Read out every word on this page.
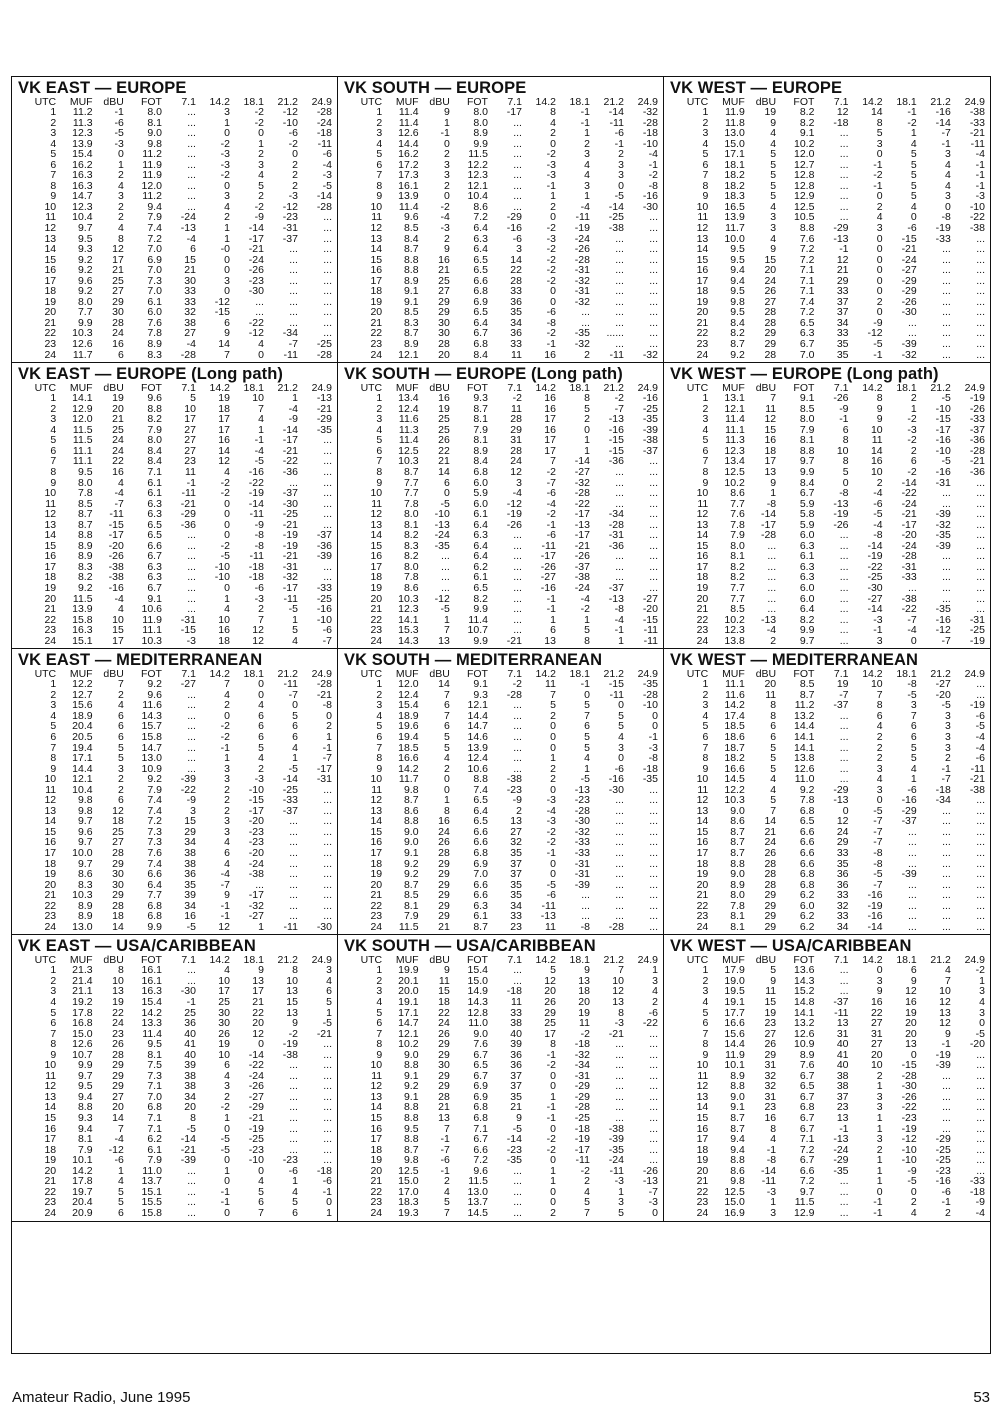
VK EAST — EUROPE
UTC	MUF	dBU	FOT	7.1	14.2	18.1	21.2	24.9
1	11.2	-1	8.0	...	3	-2	-12	-28
2	11.3	-6	8.1	...	1	-2	-10	-24
3	12.3	-5	9.0	...	0	0	-6	-18
4	13.9	-3	9.8	...	-2	1	-2	-11
5	15.4	0	11.2	...	-3	2	0	-6
6	16.2	1	11.9	...	-3	3	2	-4
7	16.3	2	11.9	...	-2	4	2	-3
8	16.3	4	12.0	...	0	5	2	-5
9	14.7	3	11.2	...	3	2	-3	-14
10	12.3	2	9.4	...	4	-2	-12	-28
11	10.4	2	7.9	-24	2	-9	-23	...
12	9.7	4	7.4	-13	1	-14	-31	...
13	9.5	8	7.2	-4	1	-17	-37	...
14	9.3	12	7.0	6	-0	-21	...	...
15	9.2	17	6.9	15	0	-24	...	...
16	9.2	21	7.0	21	0	-26	...	...
17	9.6	25	7.3	30	3	-23	...	...
18	9.2	27	7.0	33	0	-30	...	...
19	8.0	29	6.1	33	-12	...	...	...
20	7.7	30	6.0	32	-15	...	...	...
21	9.9	28	7.6	38	6	-22	...	...
22	10.3	24	7.8	27	9	-12	-34	...
23	12.6	16	8.9	-4	14	4	-7	-25
24	11.7	6	8.3	-28	7	0	-11	-28
VK SOUTH — EUROPE
UTC	MUF	dBU	FOT	7.1	14.2	18.1	21.2	24.9
1	11.4	9	8.0	-17	8	-1	-14	-32
2	11.4	1	8.0	...	4	-1	-11	-28
3	12.6	-1	8.9	...	2	1	-6	-18
4	14.4	0	9.9	...	0	2	-1	-10
5	16.2	2	11.5	...	-2	3	2	-4
6	17.2	3	12.2	...	-3	4	3	-1
7	17.3	3	12.3	...	-3	4	3	-2
8	16.1	2	12.1	...	-1	3	0	-8
9	13.9	0	10.4	...	1	1	-5	-16
10	11.4	-2	8.6	...	2	-4	-14	-30
11	9.6	-4	7.2	-29	0	-11	-25	...
12	8.5	-3	6.4	-16	-2	-19	-38	...
13	8.4	2	6.3	-6	-3	-24	...	...
14	8.7	9	6.4	3	-2	-26	...	...
15	8.8	16	6.5	14	-2	-28	...	...
16	8.8	21	6.5	22	-2	-31	...	...
17	8.9	25	6.6	28	-2	-32	...	...
18	9.1	27	6.8	33	0	-31	...	...
19	9.1	29	6.9	36	0	-32	...	...
20	8.5	29	6.5	35	-6	...	...	...
21	8.3	30	6.4	34	-8	...	...	...
22	8.7	30	6.7	36	-2	-35	......	...
23	8.9	28	6.8	33	-1	-32	...	...
24	12.1	20	8.4	11	16	2	-11	-32
VK WEST — EUROPE
UTC	MUF	dBU	FOT	7.1	14.2	18.1	21.2	24.9
1	11.9	19	8.2	12	14	-1	-16	-38
2	11.8	9	8.2	-18	8	-2	-14	-33
3	13.0	4	9.1	...	5	1	-7	-21
4	15.0	4	10.2	...	3	4	-1	-11
5	17.1	5	12.0	...	0	5	3	-4
6	18.1	5	12.7	...	-1	5	4	-1
7	18.2	5	12.8	...	-2	5	4	-1
8	18.2	5	12.8	...	-1	5	4	-1
9	18.3	5	12.9	...	0	5	3	-3
10	16.5	4	12.5	...	2	4	0	-10
11	13.9	3	10.5	...	4	0	-8	-22
12	11.7	3	8.8	-29	3	-6	-19	-38
13	10.0	4	7.6	-13	0	-15	-33	...
14	9.5	9	7.2	-1	0	-21	...	...
15	9.5	15	7.2	12	0	-24	...	...
16	9.4	20	7.1	21	0	-27	...	...
17	9.4	24	7.1	29	0	-29	...	...
18	9.5	26	7.1	33	0	-29	...	...
19	9.8	27	7.4	37	2	-26	...	...
20	9.5	28	7.2	37	0	-30	...	...
21	8.4	28	6.5	34	-9	...	...	...
22	8.2	29	6.3	33	-12	...	...	...
23	8.7	29	6.7	35	-5	-39	...	...
24	9.2	28	7.0	35	-1	-32	...	...
VK EAST — EUROPE (Long path)
UTC	MUF	dBU	FOT	7.1	14.2	18.1	21.2	24.9
1	14.1	19	9.6	5	19	10	1	-13
2	12.9	20	8.8	10	18	7	-4	-21
3	12.0	21	8.2	17	17	4	-9	-29
4	11.5	25	7.9	27	17	1	-14	-35
5	11.5	24	8.0	27	16	-1	-17	...
6	11.1	24	8.4	27	14	-4	-21	...
7	11.1	22	8.4	23	12	-5	-22	...
8	9.5	16	7.1	11	4	-16	-36	...
9	8.0	4	6.1	-1	-2	-22	...	...
10	7.8	-4	6.1	-11	-2	-19	-37	...
11	8.5	-7	6.3	-21	0	-14	-30	...
12	8.7	-11	6.3	-29	0	-11	-25	...
13	8.7	-15	6.5	-36	0	-9	-21	...
14	8.8	-17	6.5	...	0	-8	-19	-37
15	8.9	-20	6.6	...	-2	-8	-19	-36
16	8.9	-26	6.7	...	-5	-11	-21	-39
17	8.3	-38	6.3	...	-10	-18	-31	...
18	8.2	-38	6.3	...	-10	-18	-32	...
19	9.2	-16	6.7	...	0	-6	-17	-33
20	11.5	-4	9.1	...	1	-3	-11	-25
21	13.9	4	10.6	...	4	2	-5	-16
22	15.8	10	11.9	-31	10	7	1	-10
23	16.3	15	11.1	-15	16	12	5	-6
24	15.1	17	10.3	-3	18	12	4	-7
VK SOUTH — EUROPE (Long path)
UTC	MUF	dBU	FOT	7.1	14.2	18.1	21.2	24.9
1	13.4	16	9.3	-2	16	8	-2	-16
2	12.4	19	8.7	11	16	5	-7	-25
3	11.6	25	8.1	28	17	2	-13	-35
4	11.3	25	7.9	29	16	0	-16	-39
5	11.4	26	8.1	31	17	1	-15	-38
6	12.5	22	8.9	28	17	1	-15	-37
7	10.3	21	8.4	24	7	-14	-36	...
8	8.7	14	6.8	12	-2	-27	...	...
9	7.7	6	6.0	3	-7	-32	...	...
10	7.7	0	5.9	-4	-6	-28	...	...
11	7.8	-5	6.0	-12	-4	-22	...	...
12	8.0	-10	6.1	-19	-2	-17	-34	...
13	8.1	-13	6.4	-26	-1	-13	-28	...
14	8.2	-24	6.3	...	-6	-17	-31	...
15	8.3	-35	6.4	...	-11	-21	-36	...
16	8.2	...	6.4	...	-17	-26	...	...
17	8.0	...	6.2	...	-26	-37	...	...
18	7.8	...	6.1	...	-27	-38	...	...
19	8.6	...	6.5	...	-16	-24	-37	...
20	10.3	-12	8.2	...	-1	-4	-13	-27
21	12.3	-5	9.9	...	-1	-2	-8	-20
22	14.1	1	11.4	...	1	1	-4	-15
23	15.3	7	10.7	...	6	5	-1	-11
24	14.3	13	9.9	-21	13	8	1	-11
VK WEST — EUROPE (Long path)
UTC	MUF	dBU	FOT	7.1	14.2	18.1	21.2	24.9
1	13.1	7	9.1	-26	8	2	-5	-19
2	12.1	11	8.5	-9	9	1	-10	-26
3	11.4	12	8.0	-1	9	-2	-15	-33
4	11.1	15	7.9	6	10	-3	-17	-37
5	11.3	16	8.1	8	11	-2	-16	-36
6	12.3	18	8.8	10	14	2	-10	-28
7	13.4	17	9.7	8	16	6	-5	-21
8	12.5	13	9.9	5	10	-2	-16	-36
9	10.2	9	8.4	0	2	-14	-31	...
10	8.6	1	6.7	-8	-4	-22	...	...
11	7.7	-8	5.9	-13	-6	-24	...	...
12	7.6	-14	5.8	-19	-5	-21	-39	...
13	7.8	-17	5.9	-26	-4	-17	-32	...
14	7.9	-28	6.0	...	-8	-20	-35	...
15	8.0	...	6.3	...	-14	-24	-39	...
16	8.1	...	6.1	...	-19	-28	...	...
17	8.2	...	6.3	...	-22	-31	...	...
18	8.2	...	6.3	...	-25	-33	...	...
19	7.7	...	6.0	...	-30	...	...	...
20	7.7	...	6.0	...	-27	-38	...	...
21	8.5	...	6.4	...	-14	-22	-35	...
22	10.2	-13	8.2	...	-3	-7	-16	-31
23	12.3	-4	9.9	...	-1	-4	-12	-25
24	13.8	2	9.7	...	3	0	-7	-19
VK EAST — MEDITERRANEAN
UTC	MUF	dBU	FOT	7.1	14.2	18.1	21.2	24.9
1	12.2	7	9.2	-27	7	0	-11	-28
2	12.7	2	9.6	...	4	0	-7	-21
3	15.6	4	11.6	...	2	4	0	-8
4	18.9	6	14.3	...	0	6	5	0
5	20.4	6	15.7	...	-2	6	6	2
6	20.5	6	15.8	...	-2	6	6	1
7	19.4	5	14.7	...	-1	5	4	-1
8	17.1	5	13.0	...	1	4	1	-7
9	14.4	3	10.9	...	3	2	-5	-17
10	12.1	2	9.2	-39	3	-3	-14	-31
11	10.4	2	7.9	-22	2	-10	-25	...
12	9.8	6	7.4	-9	2	-15	-33	...
13	9.8	12	7.4	3	2	-17	-37	...
14	9.7	18	7.2	15	3	-20	...	...
15	9.6	25	7.3	29	3	-23	...	...
16	9.7	27	7.3	34	4	-23	...	...
17	10.0	28	7.6	38	6	-20	...	...
18	9.7	29	7.4	38	4	-24	...	...
19	8.6	30	6.6	36	-4	-38	...	...
20	8.3	30	6.4	35	-7	...	...	...
21	10.3	29	7.7	39	9	-17	...	...
22	8.9	28	6.8	34	-1	-32	...	...
23	8.9	18	6.8	16	-1	-27	...	...
24	13.0	14	9.9	-5	12	1	-11	-30
VK SOUTH — MEDITERRANEAN
UTC	MUF	dBU	FOT	7.1	14.2	18.1	21.2	24.9
1	12.0	14	9.1	-2	11	-1	-15	-35
2	12.4	7	9.3	-28	7	0	-11	-28
3	15.4	6	12.1	...	5	5	0	-10
4	18.9	7	14.4	...	2	7	5	0
5	19.6	6	14.7	...	0	6	5	0
6	19.4	5	14.6	...	0	5	4	-1
7	18.5	5	13.9	...	0	5	3	-3
8	16.6	4	12.4	...	1	4	0	-8
9	14.2	2	10.6	...	2	1	-6	-18
10	11.7	0	8.8	-38	2	-5	-16	-35
11	9.8	0	7.4	-23	0	-13	-30	...
12	8.7	1	6.5	-9	-3	-23	...	...
13	8.6	8	6.4	2	-4	-28	...	...
14	8.8	16	6.5	13	-3	-30	...	...
15	9.0	24	6.6	27	-2	-32	...	...
16	9.0	26	6.6	32	-2	-33	...	...
17	9.1	28	6.8	35	-1	-33	...	...
18	9.2	29	6.9	37	0	-31	...	...
19	9.2	29	7.0	37	0	-31	...	...
20	8.7	29	6.6	35	-5	-39	...	...
21	8.5	29	6.6	35	-6	...	...	...
22	8.1	29	6.3	34	-11	...	...	...
23	7.9	29	6.1	33	-13	...	...	...
24	11.5	21	8.7	23	11	-8	-28	...
VK WEST — MEDITERRANEAN
UTC	MUF	dBU	FOT	7.1	14.2	18.1	21.2	24.9
1	11.1	20	8.5	19	10	-8	-27	...
2	11.6	11	8.7	-7	7	-5	-20	...
3	14.2	8	11.2	-37	8	3	-5	-19
4	17.4	8	13.2	...	6	7	3	-6
5	18.5	6	14.4	...	4	6	3	-5
6	18.6	6	14.1	...	2	6	3	-4
7	18.7	5	14.1	...	2	5	3	-4
8	18.2	5	13.8	...	2	5	2	-6
9	16.6	5	12.6	...	3	4	-1	-11
10	14.5	4	11.0	...	4	1	-7	-21
11	12.2	4	9.2	-29	3	-6	-18	-38
12	10.3	5	7.8	-13	0	-16	-34	...
13	9.0	7	6.8	0	-5	-29	...	...
14	8.6	14	6.5	12	-7	-37	...	...
15	8.7	21	6.6	24	-7	...	...	...
16	8.7	24	6.6	29	-7	...	...	...
17	8.7	26	6.6	33	-8	...	...	...
18	8.8	28	6.6	35	-8	...	...	...
19	9.0	28	6.8	36	-5	-39	...	...
20	8.9	28	6.8	36	-7	...	...	...
21	8.0	29	6.2	33	-16	...	...	...
22	7.8	29	6.0	32	-19	...	...	...
23	8.1	29	6.2	33	-16	...	...	...
24	8.1	29	6.2	34	-14	...	...	...
VK EAST — USA/CARIBBEAN
UTC	MUF	dBU	FOT	7.1	14.2	18.1	21.2	24.9
1	21.3	8	16.1	...	4	9	8	3
2	21.4	10	16.1	...	10	13	10	4
3	21.1	13	16.3	-30	17	17	13	6
4	19.2	19	15.4	-1	25	21	15	5
5	17.8	22	14.2	25	30	22	13	1
6	16.8	24	13.3	36	30	20	9	-5
7	15.0	23	11.4	40	26	12	-2	-21
8	12.6	26	9.5	41	19	0	-19	...
9	10.7	28	8.1	40	10	-14	-38	...
10	9.9	29	7.5	39	6	-22	...	...
11	9.7	29	7.3	38	4	-24	...	...
12	9.5	29	7.1	38	3	-26	...	...
13	9.4	27	7.0	34	2	-27	...	...
14	8.8	20	6.8	20	-2	-29	...	...
15	9.3	14	7.1	8	1	-21	...	...
16	9.4	7	7.1	-5	0	-19	...	...
17	8.1	-4	6.2	-14	-5	-25	...	...
18	7.9	-12	6.1	-21	-5	-23	...	...
19	10.1	-6	7.9	-39	0	-10	-23	...
20	14.2	1	11.0	...	1	0	-6	-18
21	17.8	4	13.7	...	0	4	1	-6
22	19.7	5	15.1	...	-1	5	4	-1
23	20.4	5	15.5	...	-1	6	5	0
24	20.9	6	15.8	...	0	7	6	1
VK SOUTH — USA/CARIBBEAN
UTC	MUF	dBU	FOT	7.1	14.2	18.1	21.2	24.9
1	19.9	9	15.4	...	5	9	7	1
2	20.1	11	15.0	...	12	13	10	3
3	20.0	15	14.9	-18	20	18	12	4
4	19.1	18	14.3	11	26	20	13	2
5	17.1	22	12.8	33	29	19	8	-6
6	14.7	24	11.0	38	25	11	-3	-22
7	12.1	26	9.0	40	17	-2	-21	...
8	10.2	29	7.6	39	8	-18	...	...
9	9.0	29	6.7	36	-1	-32	...	...
10	8.8	30	6.5	36	-2	-34	...	...
11	9.1	29	6.7	37	0	-31	...	...
12	9.2	29	6.9	37	0	-29	...	...
13	9.1	28	6.9	35	1	-29	...	...
14	8.8	21	6.8	21	-1	-28	...	...
15	8.8	13	6.8	9	-1	-25	...	...
16	9.5	7	7.1	-5	0	-18	-38	...
17	8.8	-1	6.7	-14	-2	-19	-39	...
18	8.7	-7	6.6	-23	-2	-17	-35	...
19	9.8	-6	7.2	-35	0	-11	-24	...
20	12.5	-1	9.6	...	1	-2	-11	-26
21	15.0	2	11.5	...	1	2	-3	-13
22	17.0	4	13.0	...	0	4	1	-7
23	18.3	5	13.7	...	0	5	3	-3
24	19.3	7	14.5	...	2	7	5	0
VK WEST — USA/CARIBBEAN
UTC	MUF	dBU	FOT	7.1	14.2	18.1	21.2	24.9
1	17.9	5	13.6	...	0	6	4	-2
2	19.0	9	14.3	...	3	9	7	1
3	19.5	11	15.2	...	9	12	10	3
4	19.1	15	14.8	-37	16	16	12	4
5	17.7	19	14.1	-11	22	19	13	3
6	16.6	23	13.2	13	27	20	12	0
7	15.6	27	12.6	31	31	20	9	-5
8	14.4	26	10.9	40	27	13	-1	-20
9	11.9	29	8.9	41	20	0	-19	...
10	10.1	31	7.6	40	10	-15	-39	...
11	8.9	32	6.7	38	2	-28	...	...
12	8.8	32	6.5	38	1	-30	...	...
13	9.0	31	6.7	37	3	-26	...	...
14	9.1	23	6.8	23	3	-22	...	...
15	8.7	16	6.7	13	1	-23	...	...
16	8.7	8	6.7	-1	1	-19	...	...
17	9.4	4	7.1	-13	3	-12	-29	...
18	9.4	-1	7.2	-24	2	-10	-25	...
19	8.8	-8	6.7	-29	1	-10	-25	...
20	8.6	-14	6.6	-35	1	-9	-23	...
21	9.8	-11	7.2	...	1	-5	-16	-33
22	12.5	-3	9.7	...	0	0	-6	-18
23	15.0	1	11.5	...	-1	2	-1	-9
24	16.9	3	12.9	...	-1	4	2	-4
Amateur Radio, June 1995	53
